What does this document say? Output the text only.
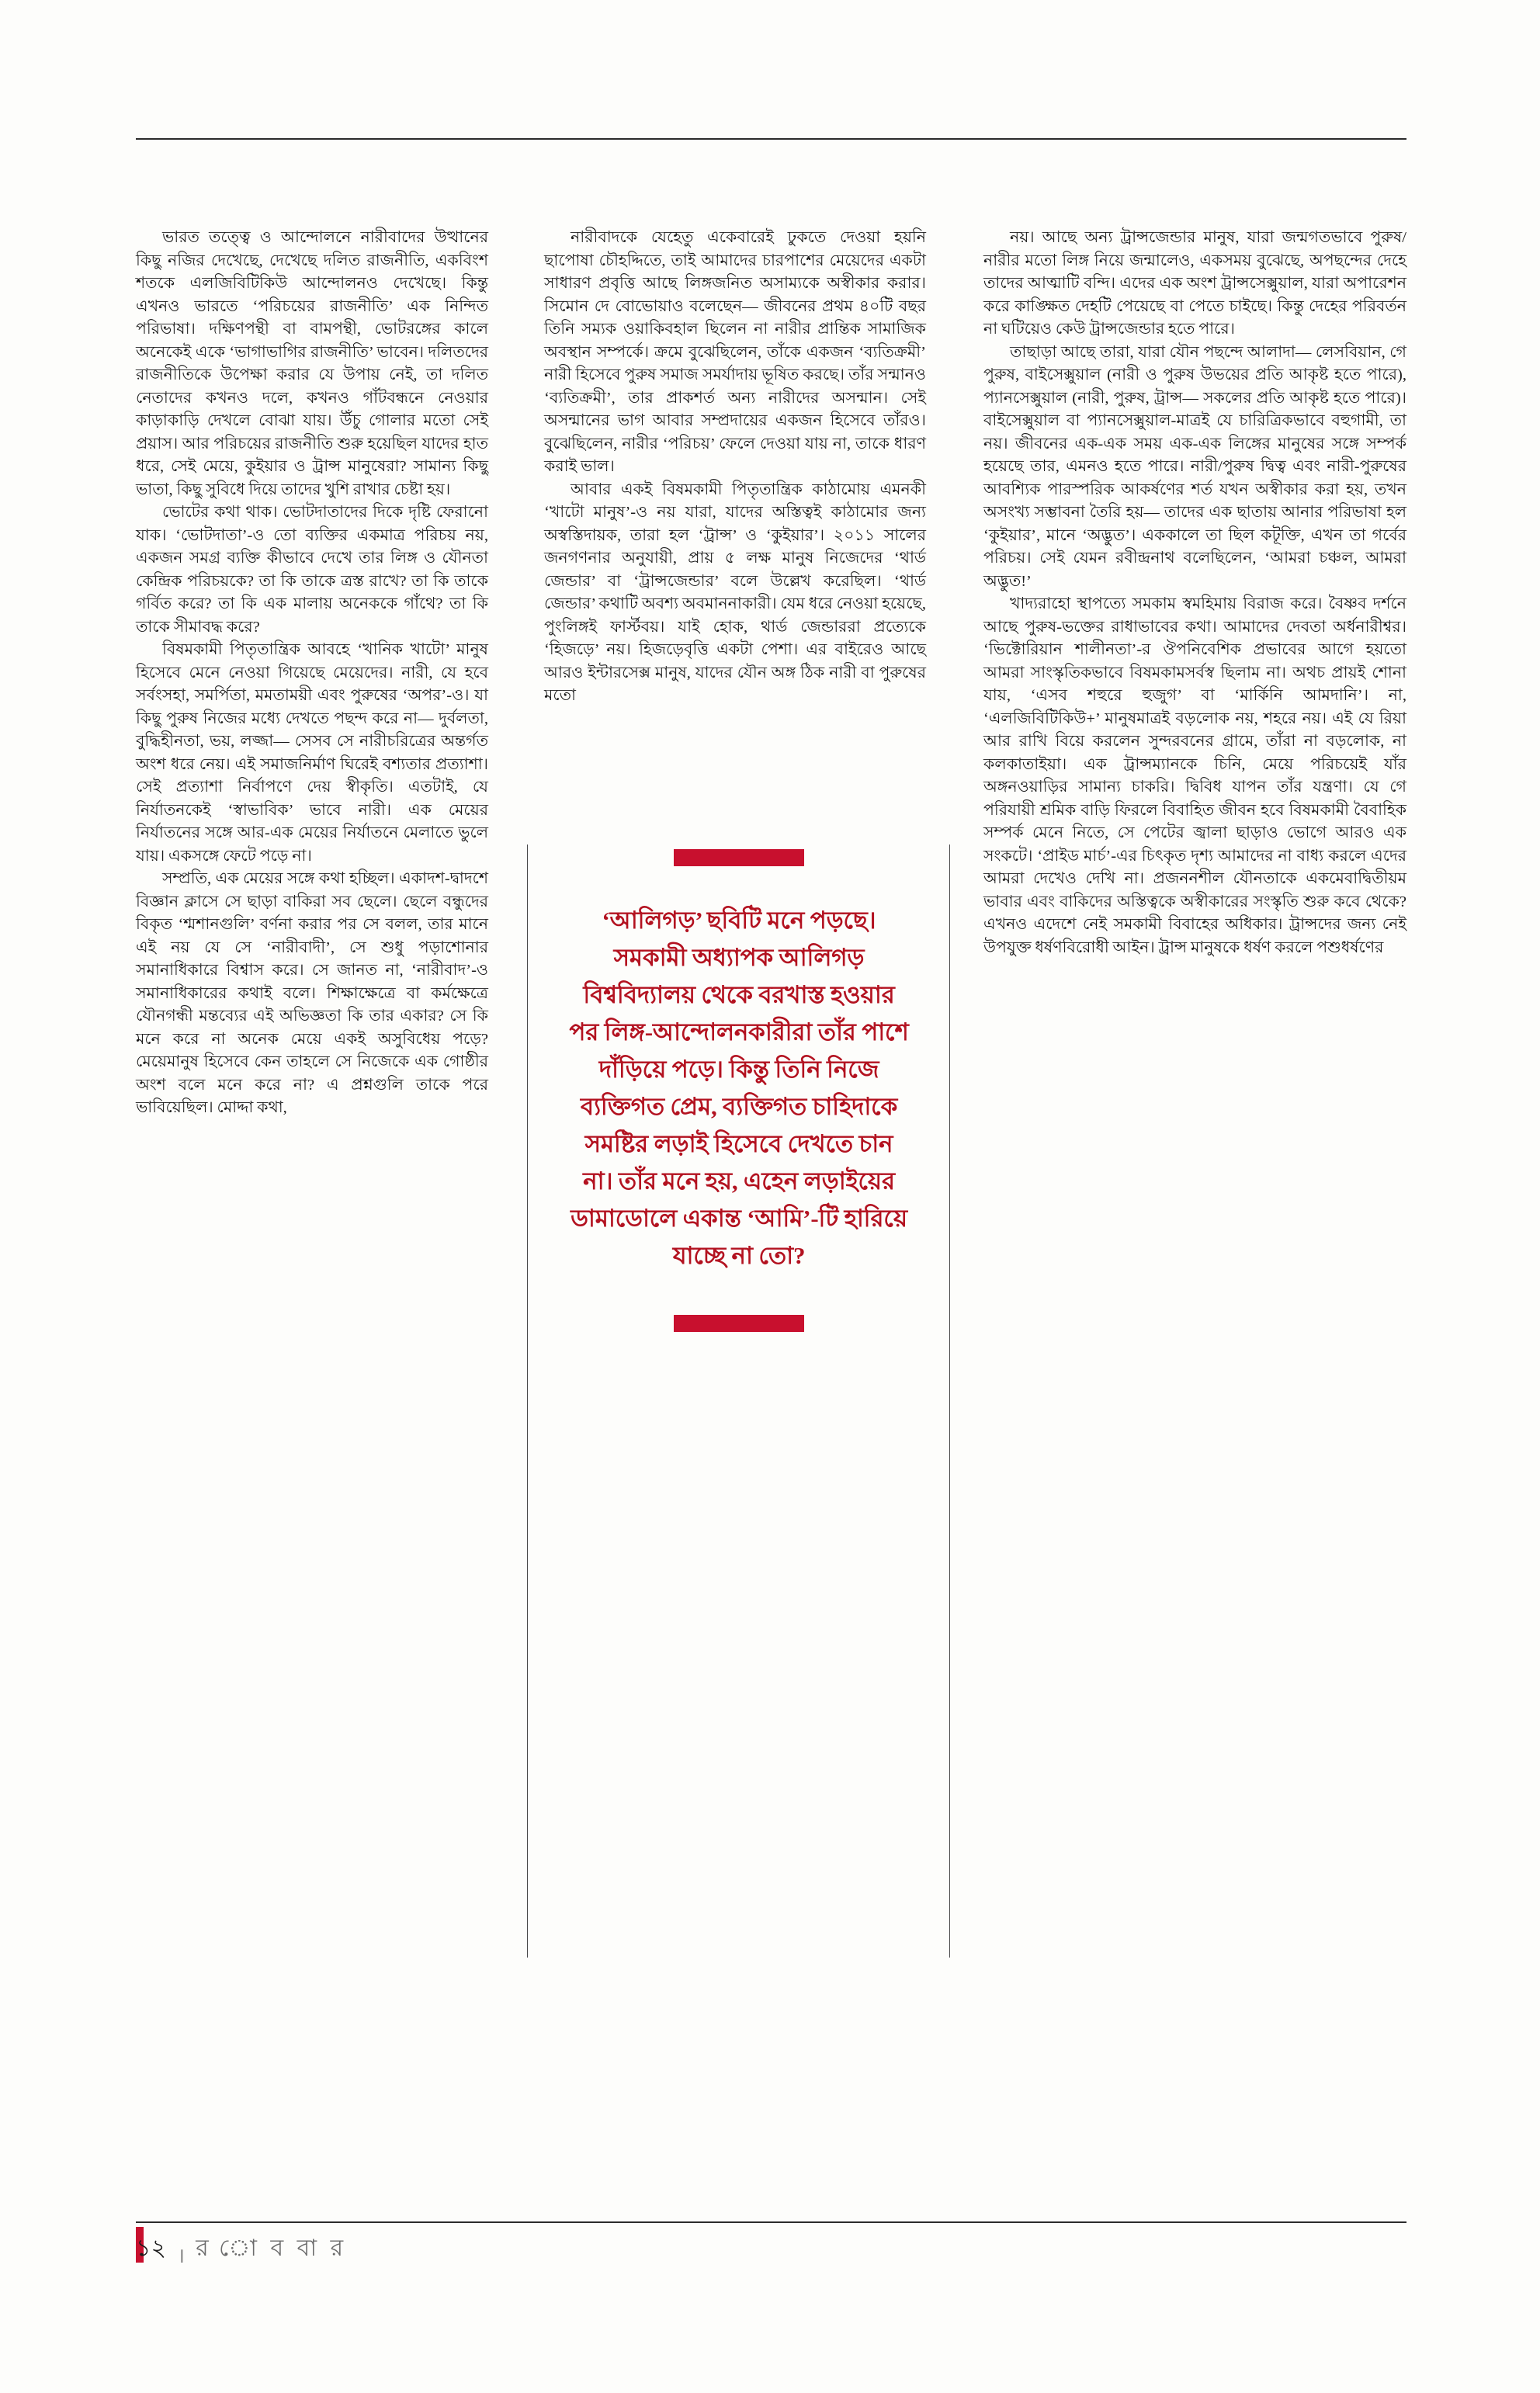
ভারত তত্ত্বে ও আন্দোলনে নারীবাদের উত্থানের কিছু নজির দেখেছে, দেখেছে দলিত রাজনীতি, একবিংশ শতকে এলজিবিটিকিউ আন্দোলনও দেখেছে। কিন্তু এখনও ভারতে ‘পরিচয়ের রাজনীতি’ এক নিন্দিত পরিভাষা। দক্ষিণপন্থী বা বামপন্থী, ভোটরঙ্গের কালে অনেকেই একে ‘ভাগাভাগির রাজনীতি’ ভাবেন। দলিতদের রাজনীতিকে উপেক্ষা করার যে উপায় নেই, তা দলিত নেতাদের কখনও দলে, কখনও গাঁটবন্ধনে নেওয়ার কাড়াকাড়ি দেখলে বোঝা যায়। উঁচু গোলার মতো সেই প্রয়াস। আর পরিচয়ের রাজনীতি শুরু হয়েছিল যাদের হাত ধরে, সেই মেয়ে, কুইয়ার ও ট্রান্স মানুষেরা? সামান্য কিছু ভাতা, কিছু সুবিধে দিয়ে তাদের খুশি রাখার চেষ্টা হয়।

ভোটের কথা থাক। ভোটদাতাদের দিকে দৃষ্টি ফেরানো যাক। ‘ভোটদাতা’-ও তো ব্যক্তির একমাত্র পরিচয় নয়, একজন সমগ্র ব্যক্তি কীভাবে দেখে তার লিঙ্গ ও যৌনতা কেন্দ্রিক পরিচয়কে? তা কি তাকে ত্রস্ত রাখে? তা কি তাকে গর্বিত করে? তা কি এক মালায় অনেককে গাঁথে? তা কি তাকে সীমাবদ্ধ করে?

বিষমকামী পিতৃতান্ত্রিক আবহে ‘খানিক খাটো’ মানুষ হিসেবে মেনে নেওয়া গিয়েছে মেয়েদের। নারী, যে হবে সর্বংসহা, সমর্পিতা, মমতাময়ী এবং পুরুষের ‘অপর’-ও। যা কিছু পুরুষ নিজের মধ্যে দেখতে পছন্দ করে না— দুর্বলতা, বুদ্ধিহীনতা, ভয়, লজ্জা— সেসব সে নারীচরিত্রের অন্তর্গত অংশ ধরে নেয়। এই সমাজনির্মাণ ঘিরেই বশ্যতার প্রত্যাশা। সেই প্রত্যাশা নির্বাপণে দেয় স্বীকৃতি। এতটাই, যে নির্যাতনকেই ‘স্বাভাবিক’ ভাবে নারী। এক মেয়ের নির্যাতনের সঙ্গে আর-এক মেয়ের নির্যাতনে মেলাতে ভুলে যায়। একসঙ্গে ফেটে পড়ে না।

সম্প্রতি, এক মেয়ের সঙ্গে কথা হচ্ছিল। একাদশ-দ্বাদশে বিজ্ঞান ক্লাসে সে ছাড়া বাকিরা সব ছেলে। ছেলে বন্ধুদের বিকৃত ‘শ্মশানগুলি’ বর্ণনা করার পর সে বলল, তার মানে এই নয় যে সে ‘নারীবাদী’, সে শুধু পড়াশোনার সমানাধিকারে বিশ্বাস করে। সে জানত না, ‘নারীবাদ’-ও সমানাধিকারের কথাই বলে। শিক্ষাক্ষেত্রে বা কর্মক্ষেত্রে যৌনগন্ধী মন্তব্যের এই অভিজ্ঞতা কি তার একার? সে কি মনে করে না অনেক মেয়ে একই অসুবিধেয় পড়ে? মেয়েমানুষ হিসেবে কেন তাহলে সে নিজেকে এক গোষ্ঠীর অংশ বলে মনে করে না? এ প্রশ্নগুলি তাকে পরে ভাবিয়েছিল। মোদ্দা কথা,

নারীবাদকে যেহেতু একেবারেই ঢুকতে দেওয়া হয়নি ছাপোষা চৌহদ্দিতে, তাই আমাদের চারপাশের মেয়েদের একটা সাধারণ প্রবৃত্তি আছে লিঙ্গজনিত অসাম্যকে অস্বীকার করার। সিমোন দে বোভোয়াও বলেছেন— জীবনের প্রথম ৪০টি বছর তিনি সম্যক ওয়াকিবহাল ছিলেন না নারীর প্রান্তিক সামাজিক অবস্থান সম্পর্কে। ক্রমে বুঝেছিলেন, তাঁকে একজন ‘ব্যতিক্রমী’ নারী হিসেবে পুরুষ সমাজ সমর্যাদায় ভূষিত করছে। তাঁর সন্মানও ‘ব্যতিক্রমী’, তার প্রাকশর্ত অন্য নারীদের অসন্মান। সেই অসন্মানের ভাগ আবার সম্প্রদায়ের একজন হিসেবে তাঁরও। বুঝেছিলেন, নারীর ‘পরিচয়’ ফেলে দেওয়া যায় না, তাকে ধারণ করাই ভাল।

আবার একই বিষমকামী পিতৃতান্ত্রিক কাঠামোয় এমনকী ‘খাটো মানুষ’-ও নয় যারা, যাদের অস্তিত্বই কাঠামোর জন্য অস্বস্তিদায়ক, তারা হল ‘ট্রান্স’ ও ‘কুইয়ার’। ২০১১ সালের জনগণনার অনুযায়ী, প্রায় ৫ লক্ষ মানুষ নিজেদের ‘থার্ড জেন্ডার’ বা ‘ট্রান্সজেন্ডার’ বলে উল্লেখ করেছিল। ‘থার্ড জেন্ডার’ কথাটি অবশ্য অবমাননাকারী। যেম ধরে নেওয়া হয়েছে, পুংলিঙ্গই ফার্স্টবয়। যাই হোক, থার্ড জেন্ডাররা প্রত্যেকে ‘হিজড়ে’ নয়। হিজড়েবৃত্তি একটা পেশা। এর বাইরেও আছে আরও ইন্টারসেক্স মানুষ, যাদের যৌন অঙ্গ ঠিক নারী বা পুরুষের মতো

নয়। আছে অন্য ট্রান্সজেন্ডার মানুষ, যারা জন্মগতভাবে পুরুষ/ নারীর মতো লিঙ্গ নিয়ে জন্মালেও, একসময় বুঝেছে, অপছন্দের দেহে তাদের আত্মাটি বন্দি। এদের এক অংশ ট্রান্সসেক্সুয়াল, যারা অপারেশন করে কাঙ্ক্ষিত দেহটি পেয়েছে বা পেতে চাইছে। কিন্তু দেহের পরিবর্তন না ঘটিয়েও কেউ ট্রান্সজেন্ডার হতে পারে।

তাছাড়া আছে তারা, যারা যৌন পছন্দে আলাদা— লেসবিয়ান, গে পুরুষ, বাইসেক্সুয়াল (নারী ও পুরুষ উভয়ের প্রতি আকৃষ্ট হতে পারে), প্যানসেক্সুয়াল (নারী, পুরুষ, ট্রান্স— সকলের প্রতি আকৃষ্ট হতে পারে)। বাইসেক্সুয়াল বা প্যানসেক্সুয়াল-মাত্রই যে চারিত্রিকভাবে বহুগামী, তা নয়। জীবনের এক-এক সময় এক-এক লিঙ্গের মানুষের সঙ্গে সম্পর্ক হয়েছে তার, এমনও হতে পারে। নারী/পুরুষ দ্বিত্ব এবং নারী-পুরুষের আবশ্যিক পারস্পরিক আকর্ষণের শর্ত যখন অস্বীকার করা হয়, তখন অসংখ্য সম্ভাবনা তৈরি হয়— তাদের এক ছাতায় আনার পরিভাষা হল ‘কুইয়ার’, মানে ‘অদ্ভুত’। এককালে তা ছিল কটূক্তি, এখন তা গর্বের পরিচয়। সেই যেমন রবীন্দ্রনাথ বলেছিলেন, ‘আমরা চঞ্চল, আমরা অদ্ভুত!’

খাদ্যরাহো স্থাপত্যে সমকাম স্বমহিমায় বিরাজ করে। বৈষ্ণব দর্শনে আছে পুরুষ-ভক্তের রাধাভাবের কথা। আমাদের দেবতা অর্ধনারীশ্বর। ‘ভিক্টোরিয়ান শালীনতা’-র ঔপনিবেশিক প্রভাবের আগে হয়তো আমরা সাংস্কৃতিকভাবে বিষমকামসর্বস্ব ছিলাম না। অথচ প্রায়ই শোনা যায়, ‘এসব শহুরে হুজুগ’ বা ‘মার্কিনি আমদানি’। না, ‘এলজিবিটিকিউ+’ মানুষমাত্রই বড়লোক নয়, শহরে নয়। এই যে রিয়া আর রাখি বিয়ে করলেন সুন্দরবনের গ্রামে, তাঁরা না বড়লোক, না কলকাতাইয়া। এক ট্রান্সম্যানকে চিনি, মেয়ে পরিচয়েই যাঁর অঙ্গনওয়াড়ির সামান্য চাকরি। দ্বিবিধ যাপন তাঁর যন্ত্রণা। যে গে পরিযায়ী শ্রমিক বাড়ি ফিরলে বিবাহিত জীবন হবে বিষমকামী বৈবাহিক সম্পর্ক মেনে নিতে, সে পেটের জ্বালা ছাড়াও ভোগে আরও এক সংকটে। ‘প্রাইড মার্চ’-এর চিৎকৃত দৃশ্য আমাদের না বাধ্য করলে এদের আমরা দেখেও দেখি না। প্রজননশীল যৌনতাকে একমেবাদ্বিতীয়ম ভাবার এবং বাকিদের অস্তিত্বকে অস্বীকারের সংস্কৃতি শুরু কবে থেকে? এখনও এদেশে নেই সমকামী বিবাহের অধিকার। ট্রান্সদের জন্য নেই উপযুক্ত ধর্ষণবিরোধী আইন। ট্রান্স মানুষকে ধর্ষণ করলে পশুধর্ষণের

‘আলিগড়’ ছবিটি মনে পড়ছে। সমকামী অধ্যাপক আলিগড় বিশ্ববিদ্যালয় থেকে বরখাস্ত হওয়ার পর লিঙ্গ-আন্দোলনকারীরা তাঁর পাশে দাঁড়িয়ে পড়ে। কিন্তু তিনি নিজে ব্যক্তিগত প্রেম, ব্যক্তিগত চাহিদাকে সমষ্টির লড়াই হিসেবে দেখতে চান না। তাঁর মনে হয়, এহেন লড়াইয়ের ডামাডোলে একান্ত ‘আমি’-টি হারিয়ে যাচ্ছে না তো?
১২ । র ো ব বা র
